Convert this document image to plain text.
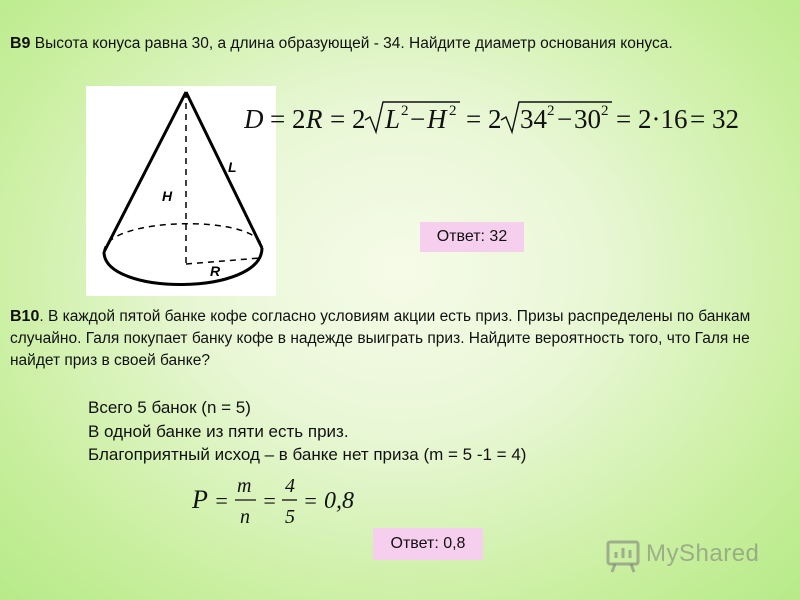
B9 Высота конуса равна 30, а длина образующей - 34. Найдите диаметр основания конуса.
H
L
R
D = 2 R = 2 L 2 − H 2 = 2 34 2 − 30 2 = 2·16 = 32
Ответ: 32
B10. В каждой пятой банке кофе согласно условиям акции есть приз. Призы распределены по банкам случайно. Галя покупает банку кофе в надежде выиграть приз. Найдите вероятность того, что Галя не найдет приз в своей банке?
Всего 5 банок (n = 5)
В одной банке из пяти есть приз.
Благоприятный исход – в банке нет приза (m = 5 -1 = 4)
P =
m
n
=
4
5
= 0,8
Ответ: 0,8	MyShared
